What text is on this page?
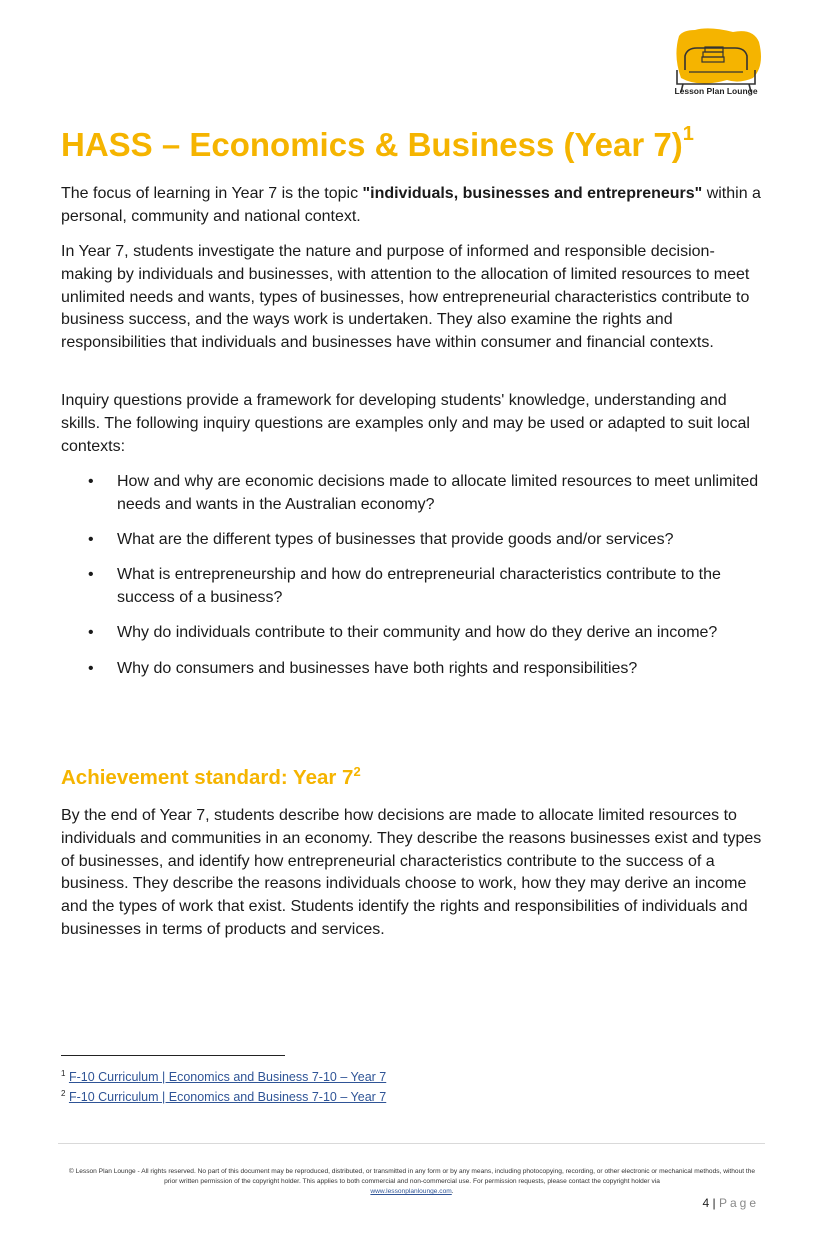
Lesson Plan Lounge
HASS – Economics & Business (Year 7)$^1$

The focus of learning in Year 7 is the topic "individuals, businesses and entrepreneurs" within a personal, community and national context.

In Year 7, students investigate the nature and purpose of informed and responsible decision-making by individuals and businesses, with attention to the allocation of limited resources to meet unlimited needs and wants, types of businesses, how entrepreneurial characteristics contribute to business success, and the ways work is undertaken. They also examine the rights and responsibilities that individuals and businesses have within consumer and financial contexts.

Inquiry questions provide a framework for developing students' knowledge, understanding and skills. The following inquiry questions are examples only and may be used or adapted to suit local contexts:

• How and why are economic decisions made to allocate limited resources to meet unlimited needs and wants in the Australian economy?
• What are the different types of businesses that provide goods and/or services?
• What is entrepreneurship and how do entrepreneurial characteristics contribute to the success of a business?
• Why do individuals contribute to their community and how do they derive an income?
• Why do consumers and businesses have both rights and responsibilities?
Achievement standard: Year $7^2$

By the end of Year 7, students describe how decisions are made to allocate limited resources to individuals and communities in an economy. They describe the reasons businesses exist and types of businesses, and identify how entrepreneurial characteristics contribute to the success of a business. They describe the reasons individuals choose to work, how they may derive an income and the types of work that exist. Students identify the rights and responsibilities of individuals and businesses in terms of products and services.

$^1$ F-10 Curriculum | Economics and Business 7-10 – Year 7
$^2$ F-10 Curriculum | Economics and Business 7-10 – Year 7
© Lesson Plan Lounge - All rights reserved. No part of this document may be reproduced, distributed, or transmitted in any form or by any means, including photocopying, recording, or other electronic or mechanical methods, without the prior written permission of the copyright holder. This applies to both commercial and non-commercial use. For permission requests, please contact the copyright holder via
www.lessonplanlounge.com.
4 | Page
